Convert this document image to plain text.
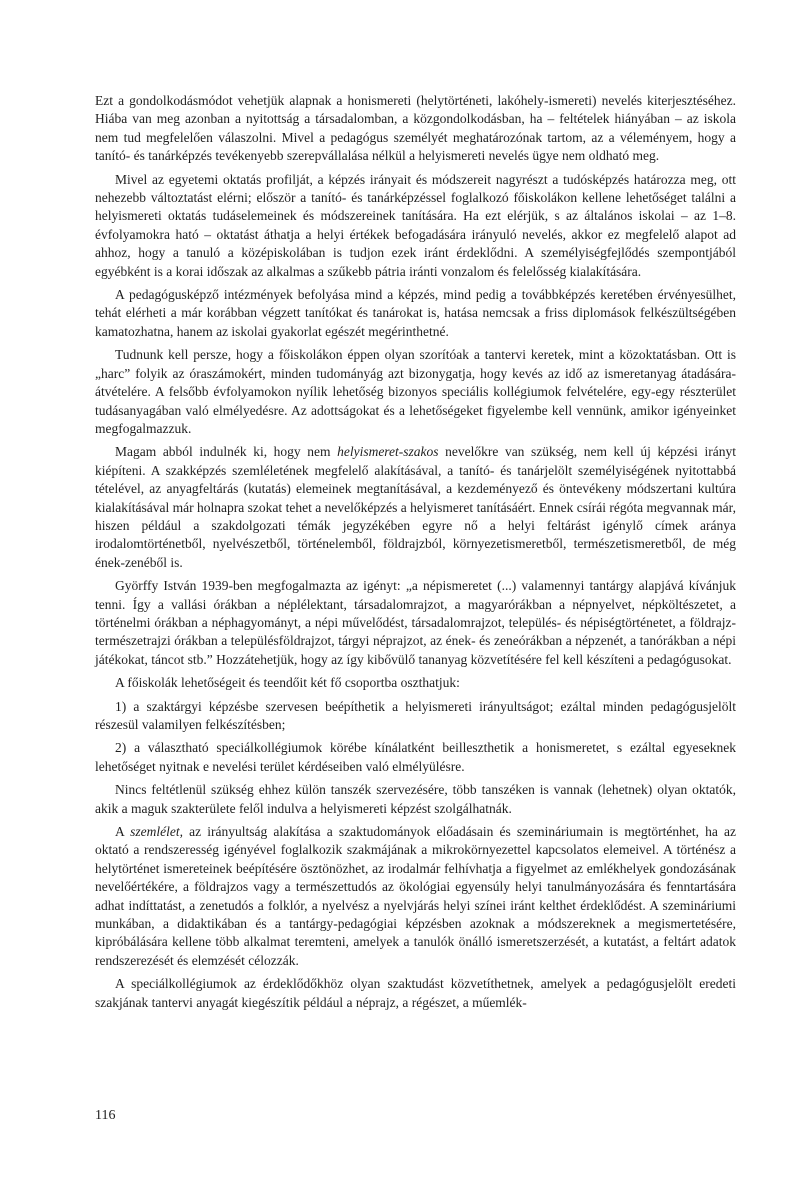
Ezt a gondolkodásmódot vehetjük alapnak a honismereti (helytörténeti, lakóhely-ismereti) nevelés kiterjesztéséhez. Hiába van meg azonban a nyitottság a társadalomban, a közgondolkodásban, ha – feltételek hiányában – az iskola nem tud megfelelően válaszolni. Mivel a pedagógus személyét meghatározónak tartom, az a véleményem, hogy a tanító- és tanárképzés tevékenyebb szerepvállalása nélkül a helyismereti nevelés ügye nem oldható meg.

Mivel az egyetemi oktatás profilját, a képzés irányait és módszereit nagyrészt a tudósképzés határozza meg, ott nehezebb változtatást elérni; először a tanító- és tanárképzéssel foglalkozó főiskolákon kellene lehetőséget találni a helyismereti oktatás tudáselemeinek és módszereinek tanítására. Ha ezt elérjük, s az általános iskolai – az 1–8. évfolyamokra ható – oktatást áthatja a helyi értékek befogadására irányuló nevelés, akkor ez megfelelő alapot ad ahhoz, hogy a tanuló a középiskolában is tudjon ezek iránt érdeklődni. A személyiségfejlődés szempontjából egyébként is a korai időszak az alkalmas a szűkebb pátria iránti vonzalom és felelősség kialakítására.

A pedagógusképző intézmények befolyása mind a képzés, mind pedig a továbbképzés keretében érvényesülhet, tehát elérheti a már korábban végzett tanítókat és tanárokat is, hatása nemcsak a friss diplomások felkészültségében kamatozhatna, hanem az iskolai gyakorlat egészét megérinthetné.

Tudnunk kell persze, hogy a főiskolákon éppen olyan szorítóak a tantervi keretek, mint a közoktatásban. Ott is „harc” folyik az óraszámokért, minden tudományág azt bizonygatja, hogy kevés az idő az ismeretanyag átadására-átvételére. A felsőbb évfolyamokon nyílik lehetőség bizonyos speciális kollégiumok felvételére, egy-egy részterület tudásanyagában való elmélyedésre. Az adottságokat és a lehetőségeket figyelembe kell vennünk, amikor igényeinket megfogalmazzuk.

Magam abból indulnék ki, hogy nem helyismeret-szakos nevelőkre van szükség, nem kell új képzési irányt kiépíteni. A szakképzés szemléletének megfelelő alakításával, a tanító- és tanárjelölt személyiségének nyitottabbá tételével, az anyagfeltárás (kutatás) elemeinek megtanításával, a kezdeményező és öntevékeny módszertani kultúra kialakításával már holnapra szokat tehet a nevelőképzés a helyismeret tanításáért. Ennek csírái régóta megvannak már, hiszen például a szakdolgozati témák jegyzékében egyre nő a helyi feltárást igénylő címek aránya irodalomtörténetből, nyelvészetből, történelemből, földrajzból, környezetismeretből, természetismeretből, de még ének-zenéből is.

Györffy István 1939-ben megfogalmazta az igényt: „a népismeretet (...) valamennyi tantárgy alapjává kívánjuk tenni. Így a vallási órákban a néplélektant, társadalomrajzot, a magyarórákban a népnyelvet, népköltészetet, a történelmi órákban a néphagyományt, a népi művelődést, társadalomrajzot, település- és népiségtörténetet, a földrajz-természetrajzi órákban a településföldrajzot, tárgyi néprajzot, az ének- és zeneórákban a népzenét, a tanórákban a népi játékokat, táncot stb.” Hozzátehetjük, hogy az így kibővülő tananyag közvetítésére fel kell készíteni a pedagógusokat.

A főiskolák lehetőségeit és teendőit két fő csoportba oszthatjuk:

1) a szaktárgyi képzésbe szervesen beépíthetik a helyismereti irányultságot; ezáltal minden pedagógusjelölt részesül valamilyen felkészítésben;

2) a választható speciálkollégiumok körébe kínálatként beilleszthetik a honismeretet, s ezáltal egyeseknek lehetőséget nyitnak e nevelési terület kérdéseiben való elmélyülésre.

Nincs feltétlenül szükség ehhez külön tanszék szervezésére, több tanszéken is vannak (lehetnek) olyan oktatók, akik a maguk szakterülete felől indulva a helyismereti képzést szolgálhatnák.

A szemlélet, az irányultság alakítása a szaktudományok előadásain és szemináriumain is megtörténhet, ha az oktató a rendszeresség igényével foglalkozik szakmájának a mikrokörnyezettel kapcsolatos elemeivel. A történész a helytörténet ismereteinek beépítésére ösztönözhet, az irodalmár felhívhatja a figyelmet az emlékhelyek gondozásának nevelőértékére, a földrajzos vagy a természettudós az ökológiai egyensúly helyi tanulmányozására és fenntartására adhat indíttatást, a zenetudós a folklór, a nyelvész a nyelvjárás helyi színei iránt kelthet érdeklődést. A szemináriumi munkában, a didaktikában és a tantárgy-pedagógiai képzésben azoknak a módszereknek a megismertetésére, kipróbálására kellene több alkalmat teremteni, amelyek a tanulók önálló ismeretszerzését, a kutatást, a feltárt adatok rendszerezését és elemzését célozzák.

A speciálkollégiumok az érdeklődőkhöz olyan szaktudást közvetíthetnek, amelyek a pedagógusjelölt eredeti szakjának tantervi anyagát kiegészítik például a néprajz, a régészet, a műemlék-

116
